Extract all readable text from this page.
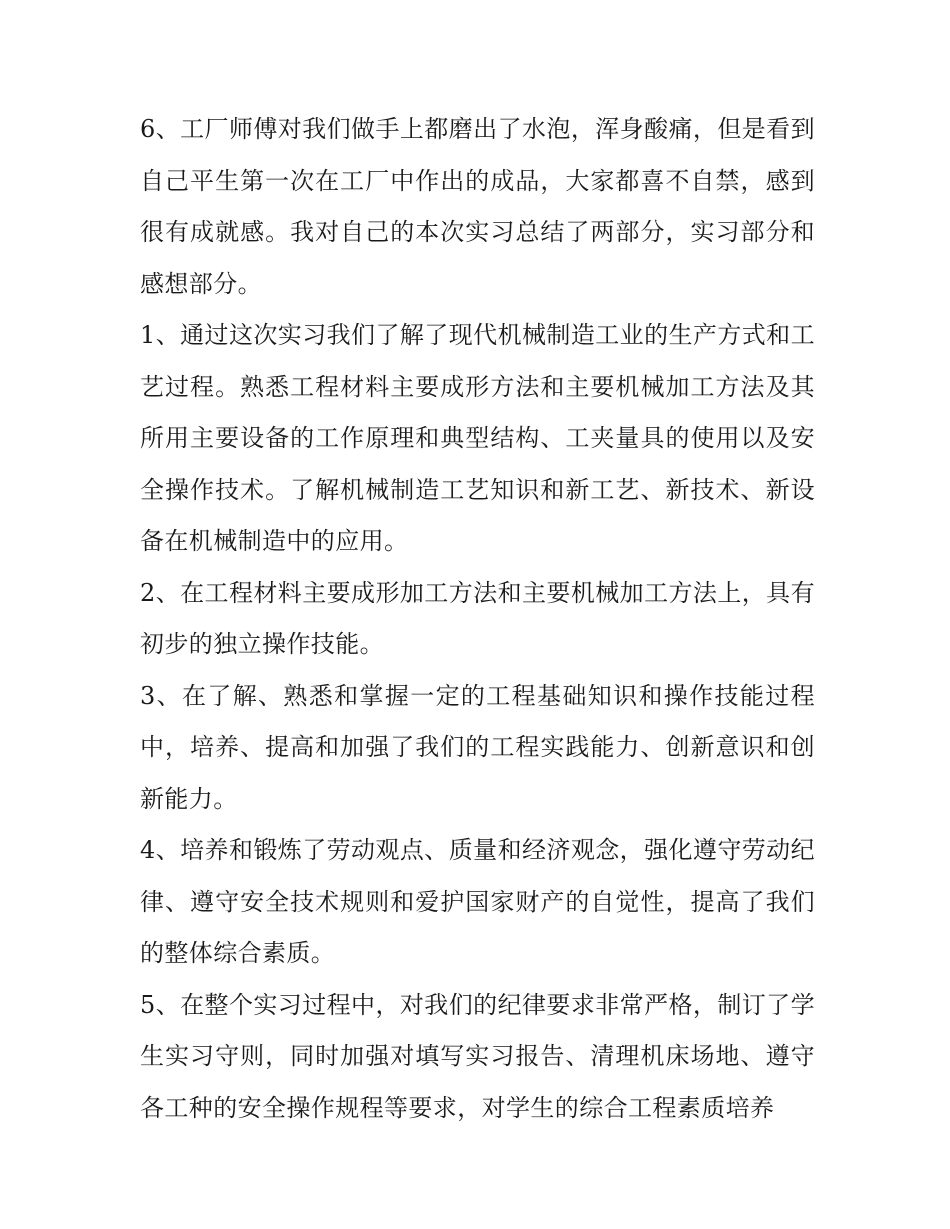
6、工厂师傅对我们做手上都磨出了水泡，浑身酸痛，但是看到自己平生第一次在工厂中作出的成品，大家都喜不自禁，感到很有成就感。我对自己的本次实习总结了两部分，实习部分和感想部分。

1、通过这次实习我们了解了现代机械制造工业的生产方式和工艺过程。熟悉工程材料主要成形方法和主要机械加工方法及其所用主要设备的工作原理和典型结构、工夹量具的使用以及安全操作技术。了解机械制造工艺知识和新工艺、新技术、新设备在机械制造中的应用。

2、在工程材料主要成形加工方法和主要机械加工方法上，具有初步的独立操作技能。

3、在了解、熟悉和掌握一定的工程基础知识和操作技能过程中，培养、提高和加强了我们的工程实践能力、创新意识和创新能力。

4、培养和锻炼了劳动观点、质量和经济观念，强化遵守劳动纪律、遵守安全技术规则和爱护国家财产的自觉性，提高了我们的整体综合素质。

5、在整个实习过程中，对我们的纪律要求非常严格，制订了学生实习守则，同时加强对填写实习报告、清理机床场地、遵守各工种的安全操作规程等要求，对学生的综合工程素质培养
